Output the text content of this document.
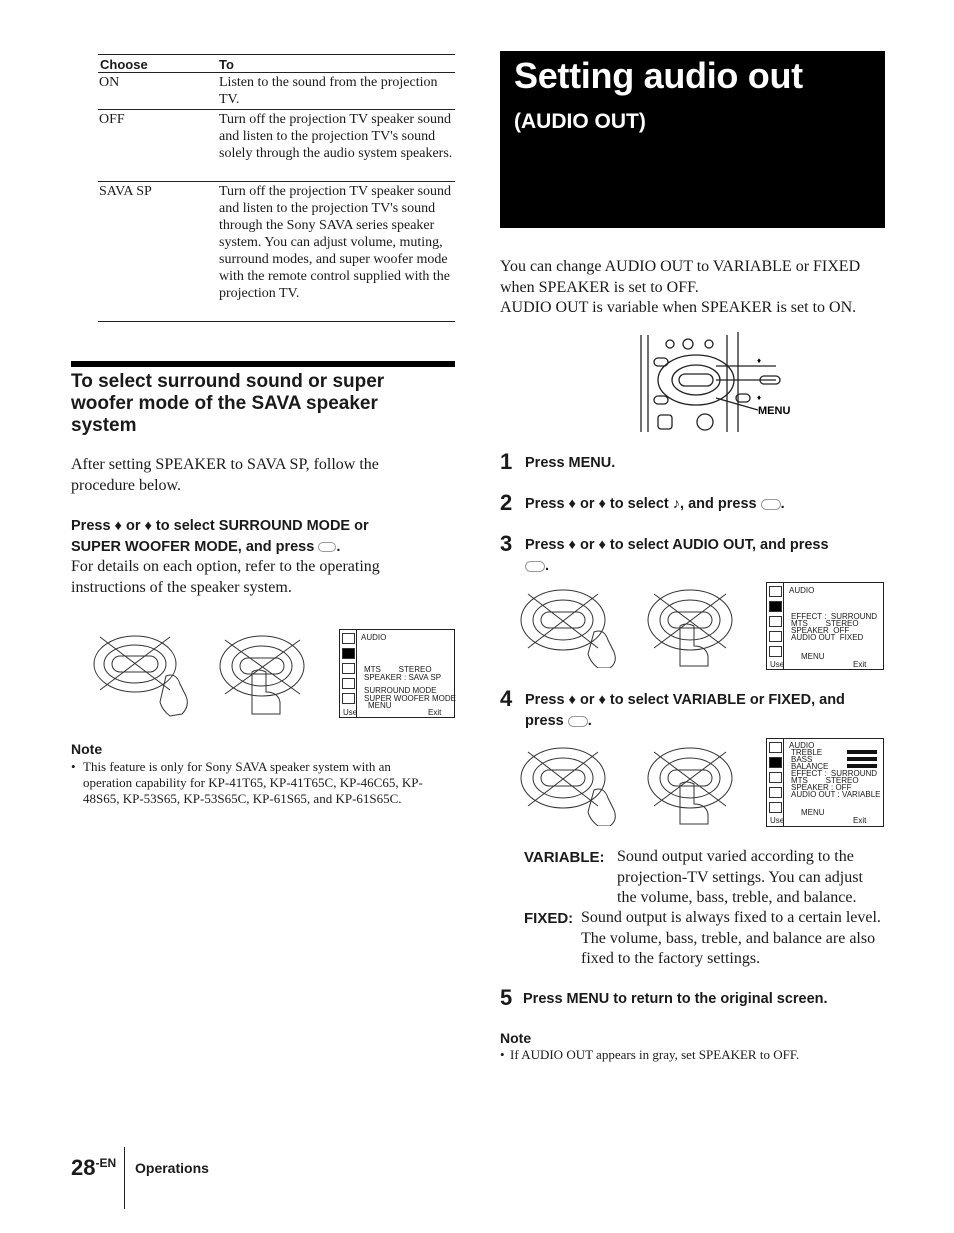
Choose	To
ON	Listen to the sound from the projection TV.
OFF	Turn off the projection TV speaker sound and listen to the projection TV's sound solely through the audio system speakers.
SAVA SP	Turn off the projection TV speaker sound and listen to the projection TV's sound through the Sony SAVA series speaker system. You can adjust volume, muting, surround modes, and super woofer mode with the remote control supplied with the projection TV.
To select surround sound or super woofer mode of the SAVA speaker system
After setting SPEAKER to SAVA SP, follow the procedure below.
Press ♦ or ♦ to select SURROUND MODE or SUPER WOOFER MODE, and press .
For details on each option, refer to the operating instructions of the speaker system.
AUDIO
MTS        STEREO
SPEAKER : SAVA SP
SURROUND MODE
SUPER WOOFER MODE
MENU
Use	Exit
Note
• This feature is only for Sony SAVA speaker system with an operation capability for KP-41T65, KP-41T65C, KP-46C65, KP-48S65, KP-53S65, KP-53S65C, KP-61S65, and KP-61S65C.
Setting audio out
(AUDIO OUT)
You can change AUDIO OUT to VARIABLE or FIXED when SPEAKER is set to OFF.
AUDIO OUT is variable when SPEAKER is set to ON.
♦
♦
MENU
1 Press MENU.
2 Press ♦ or ♦ to select ♪, and press .
3 Press ♦ or ♦ to select AUDIO OUT, and press
.
AUDIO
EFFECT :  SURROUND
MTS        STEREO
SPEAKER  OFF
AUDIO OUT  FIXED
MENU
Use	Exit
4 Press ♦ or ♦ to select VARIABLE or FIXED, and press .
AUDIO
TREBLE
BASS
BALANCE
EFFECT :  SURROUND
MTS        STEREO
SPEAKER : OFF
AUDIO OUT : VARIABLE
MENU
Use	Exit
VARIABLE: Sound output varied according to the projection-TV settings. You can adjust the volume, bass, treble, and balance.
FIXED: Sound output is always fixed to a certain level. The volume, bass, treble, and balance are also fixed to the factory settings.
5 Press MENU to return to the original screen.
Note
• If AUDIO OUT appears in gray, set SPEAKER to OFF.
$28^{-EN}$ Operations
